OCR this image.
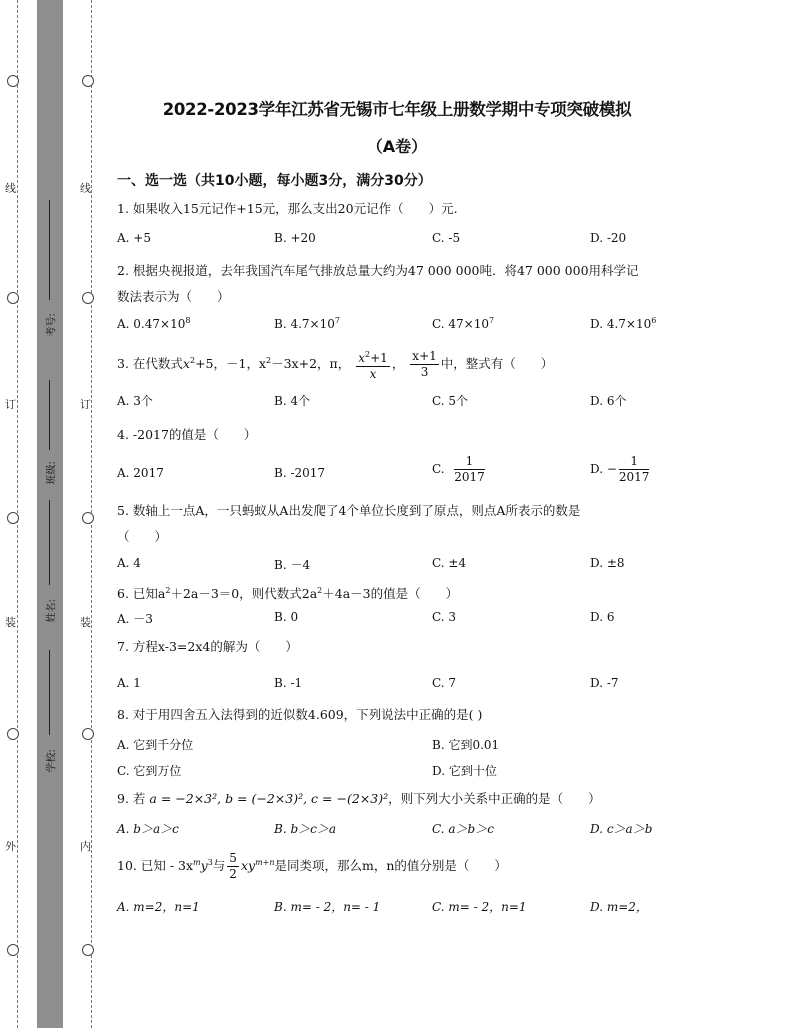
线
订
装
外
线
订
装
内
考号:
班级:
姓名:
学校:
2022-2023学年江苏省无锡市七年级上册数学期中专项突破模拟
（A卷）
一、选一选（共10小题，每小题3分，满分30分）
1. 如果收入15元记作+15元，那么支出20元记作（　　）元.
A. +5	B. +20	C. -5	D. -20
2. 根据央视报道，去年我国汽车尾气排放总量大约为47 000 000吨．将47 000 000用科学记
数法表示为（　　）
A. $0.47\times 10^8$	B. $4.7\times 10^7$	C. $47\times 10^7$	D. $4.7\times 10^6$
3. 在代数式$x^2+5$，－1，$x^2-3x+2$，π， $\frac{x^2+1}{x}$ ， $\frac{x+1}{3}$ 中，整式有（　　）
A. 3个	B. 4个	C. 5个	D. 6个
4. -2017的值是（　　）
A. 2017	B. -2017	C. $\frac{1}{2017}$	D. − $\frac{1}{2017}$
5. 数轴上一点A，一只蚂蚁从A出发爬了4个单位长度到了原点，则点A所表示的数是
（　　）
A. 4	B. －4	C. ±4	D. ±8
6. 已知$a^2+2a-3=0$，则代数式$2a^2+4a-3$的值是（　　）
A. －3	B. 0	C. 3	D. 6
7. 方程x-3=2x4的解为（　　）
A. 1	B. -1	C. 7	D. -7
8. 对于用四舍五入法得到的近似数4.609，下列说法中正确的是( )
A. 它到千分位	B. 它到0.01
C. 它到万位	D. 它到十位
9. 若 a = −2×3², b = (−2×3)², c = −(2×3)²，则下列大小关系中正确的是（　　）
A. b＞a＞c	B. b＞c＞a	C. a＞b＞c	D. c＞a＞b
10. 已知 - $3x^my^3$与 $\frac{5}{2} xy^{m+n}$是同类项，那么m，n的值分别是（　　）
A. m=2，n=1	B. m= - 2，n= - 1	C. m= - 2，n=1	D. m=2，
